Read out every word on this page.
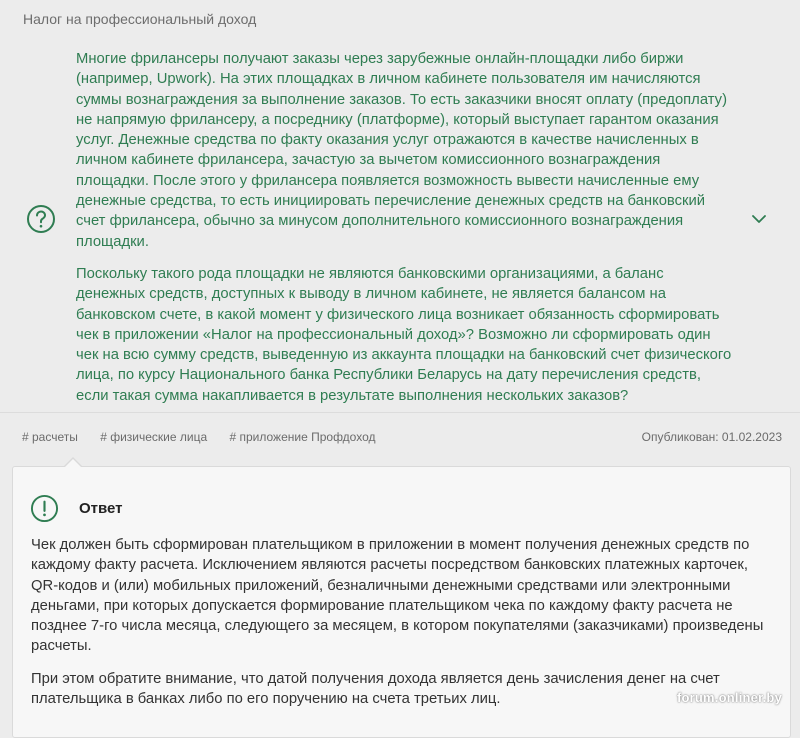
Налог на профессиональный доход

Многие фрилансеры получают заказы через зарубежные онлайн-площадки либо биржи (например, Upwork). На этих площадках в личном кабинете пользователя им начисляются суммы вознаграждения за выполнение заказов. То есть заказчики вносят оплату (предоплату) не напрямую фрилансеру, а посреднику (платформе), который выступает гарантом оказания услуг. Денежные средства по факту оказания услуг отражаются в качестве начисленных в личном кабинете фрилансера, зачастую за вычетом комиссионного вознаграждения площадки. После этого у фрилансера появляется возможность вывести начисленные ему денежные средства, то есть инициировать перечисление денежных средств на банковский счет фрилансера, обычно за минусом дополнительного комиссионного вознаграждения площадки.

Поскольку такого рода площадки не являются банковскими организациями, а баланс денежных средств, доступных к выводу в личном кабинете, не является балансом на банковском счете, в какой момент у физического лица возникает обязанность сформировать чек в приложении «Налог на профессиональный доход»? Возможно ли сформировать один чек на всю сумму средств, выведенную из аккаунта площадки на банковский счет физического лица, по курсу Национального банка Республики Беларусь на дату перечисления средств, если такая сумма накапливается в результате выполнения нескольких заказов?

# расчеты # физические лица # приложение Профдоход	Опубликован: 01.02.2023
Ответ

Чек должен быть сформирован плательщиком в приложении в момент получения денежных средств по каждому факту расчета. Исключением являются расчеты посредством банковских платежных карточек, QR-кодов и (или) мобильных приложений, безналичными денежными средствами или электронными деньгами, при которых допускается формирование плательщиком чека по каждому факту расчета не позднее 7-го числа месяца, следующего за месяцем, в котором покупателями (заказчиками) произведены расчеты.

При этом обратите внимание, что датой получения дохода является день зачисления денег на счет плательщика в банках либо по его поручению на счета третьих лиц.	forum.onliner.by
